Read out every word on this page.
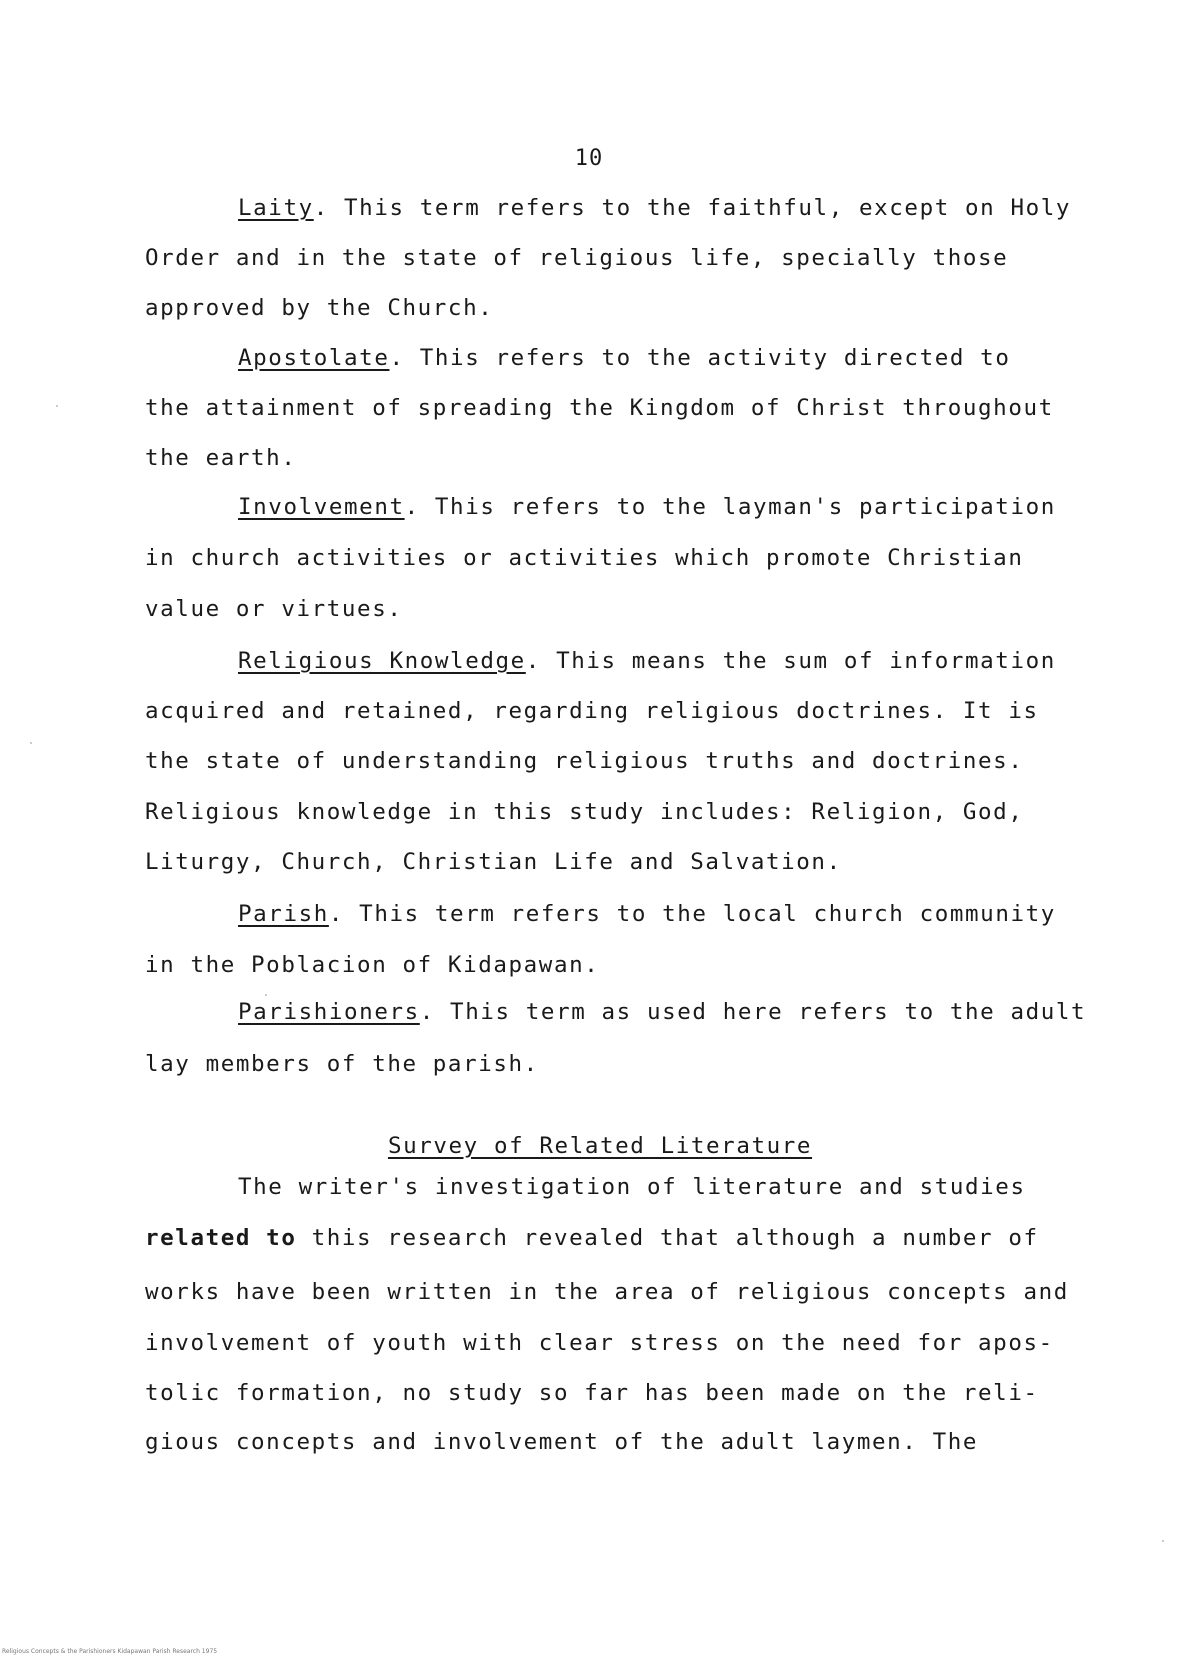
10
Laity. This term refers to the faithful, except on Holy
Order and in the state of religious life, specially those
approved by the Church.
Apostolate. This refers to the activity directed to
the attainment of spreading the Kingdom of Christ throughout
the earth.
Involvement. This refers to the layman's participation
in church activities or activities which promote Christian
value or virtues.
Religious Knowledge. This means the sum of information
acquired and retained, regarding religious doctrines. It is
the state of understanding religious truths and doctrines.
Religious knowledge in this study includes: Religion, God,
Liturgy, Church, Christian Life and Salvation.
Parish. This term refers to the local church community
in the Poblacion of Kidapawan.
Parishioners. This term as used here refers to the adult
lay members of the parish.
Survey of Related Literature
The writer's investigation of literature and studies
related to this research revealed that although a number of
works have been written in the area of religious concepts and
involvement of youth with clear stress on the need for apos-
tolic formation, no study so far has been made on the reli-
gious concepts and involvement of the adult laymen. The
Religious Concepts & the Parishioners Kidapawan Parish Research 1975
